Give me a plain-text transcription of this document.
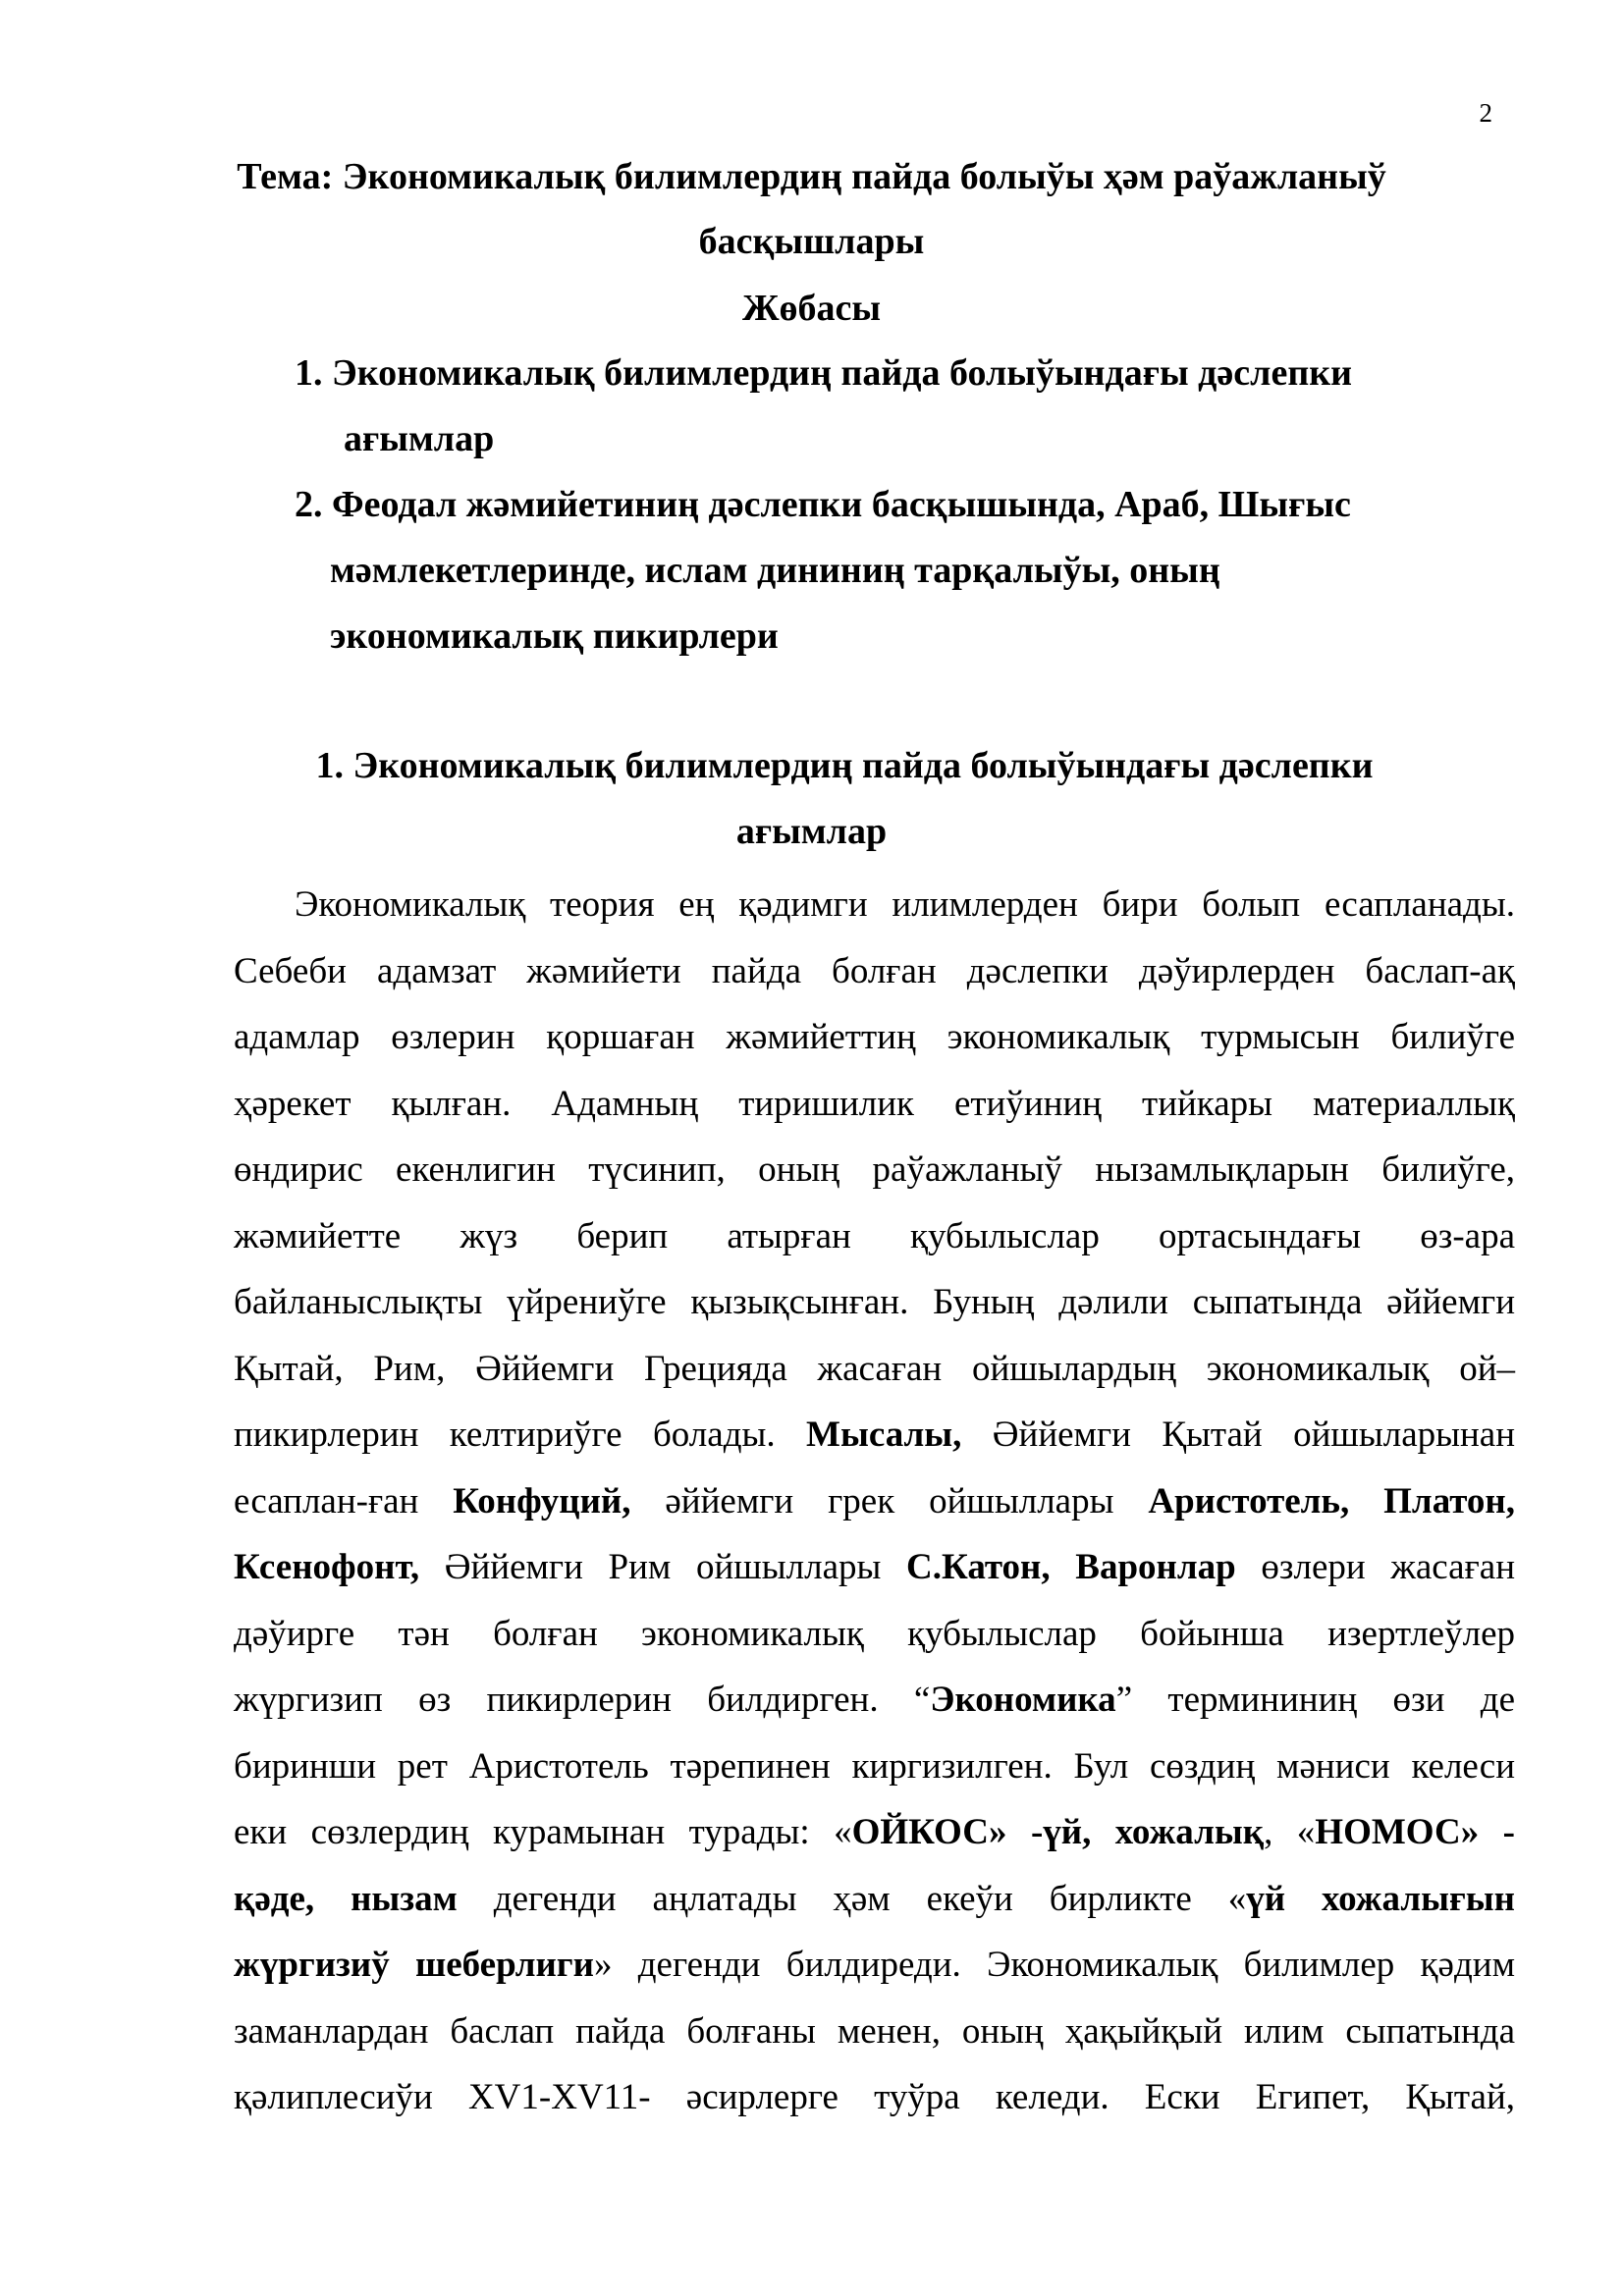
2
Тема: Экономикалық билимлердиң пайда болыўы ҳәм раўажланыў
басқышлары
Жөбасы
1. Экономикалық билимлердиң пайда болыўындағы дәслепки
ағымлар
2. Феодал жәмийетиниң дәслепки басқышында, Араб, Шығыс
мәмлекетлеринде, ислам дининиң тарқалыўы, оның
экономикалық пикирлери
1. Экономикалық билимлердиң пайда болыўындағы дәслепки
ағымлар
Экономикалық теория ең қәдимги илимлерден бири болып есапланады.
Себеби адамзат жәмийети пайда болған дәслепки дәўирлерден баслап-ақ
адамлар өзлерин қоршаған жәмийеттиң экономикалық турмысын билиўге
ҳәрекет қылған. Адамның тиришилик етиўиниң тийкары материаллық
өндирис екенлигин түсинип, оның раўажланыў нызамлықларын билиўге,
жәмийетте жүз берип атырған қубылыслар ортасындағы өз-ара
байланыслықты үйрениўге қызықсынған. Буның дәлили сыпатында әййемги
Қытай, Рим, Әййемги Грецияда жасаған ойшылардың экономикалық ой–
пикирлерин келтириўге болады. Мысалы, Әййемги Қытай ойшыларынан
есаплан-ған Конфуций, әййемги грек ойшыллары Аристотель, Платон,
Ксенофонт, Әййемги Рим ойшыллары С.Катон, Варонлар өзлери жасаған
дәўирге тән болған экономикалық қубылыслар бойынша изертлеўлер
жүргизип өз пикирлерин билдирген. “Экономика” термининиң өзи де
биринши рет Аристотель тәрепинен киргизилген. Бул сөздиң мәниси келеси
еки сөзлердиң курамынан турады: «ОЙКОС» -үй, хожалық, «НОМОС» -
қәде, нызам дегенди аңлатады ҳәм екеўи бирликте «үй хожалығын
жүргизиў шеберлиги» дегенди билдиреди. Экономикалық билимлер қәдим
заманлардан баслап пайда болғаны менен, оның ҳақыйқый илим сыпатында
қәлиплесиўи XV1-XV11- әсирлерге туўра келеди. Ески Египет, Қытай,
